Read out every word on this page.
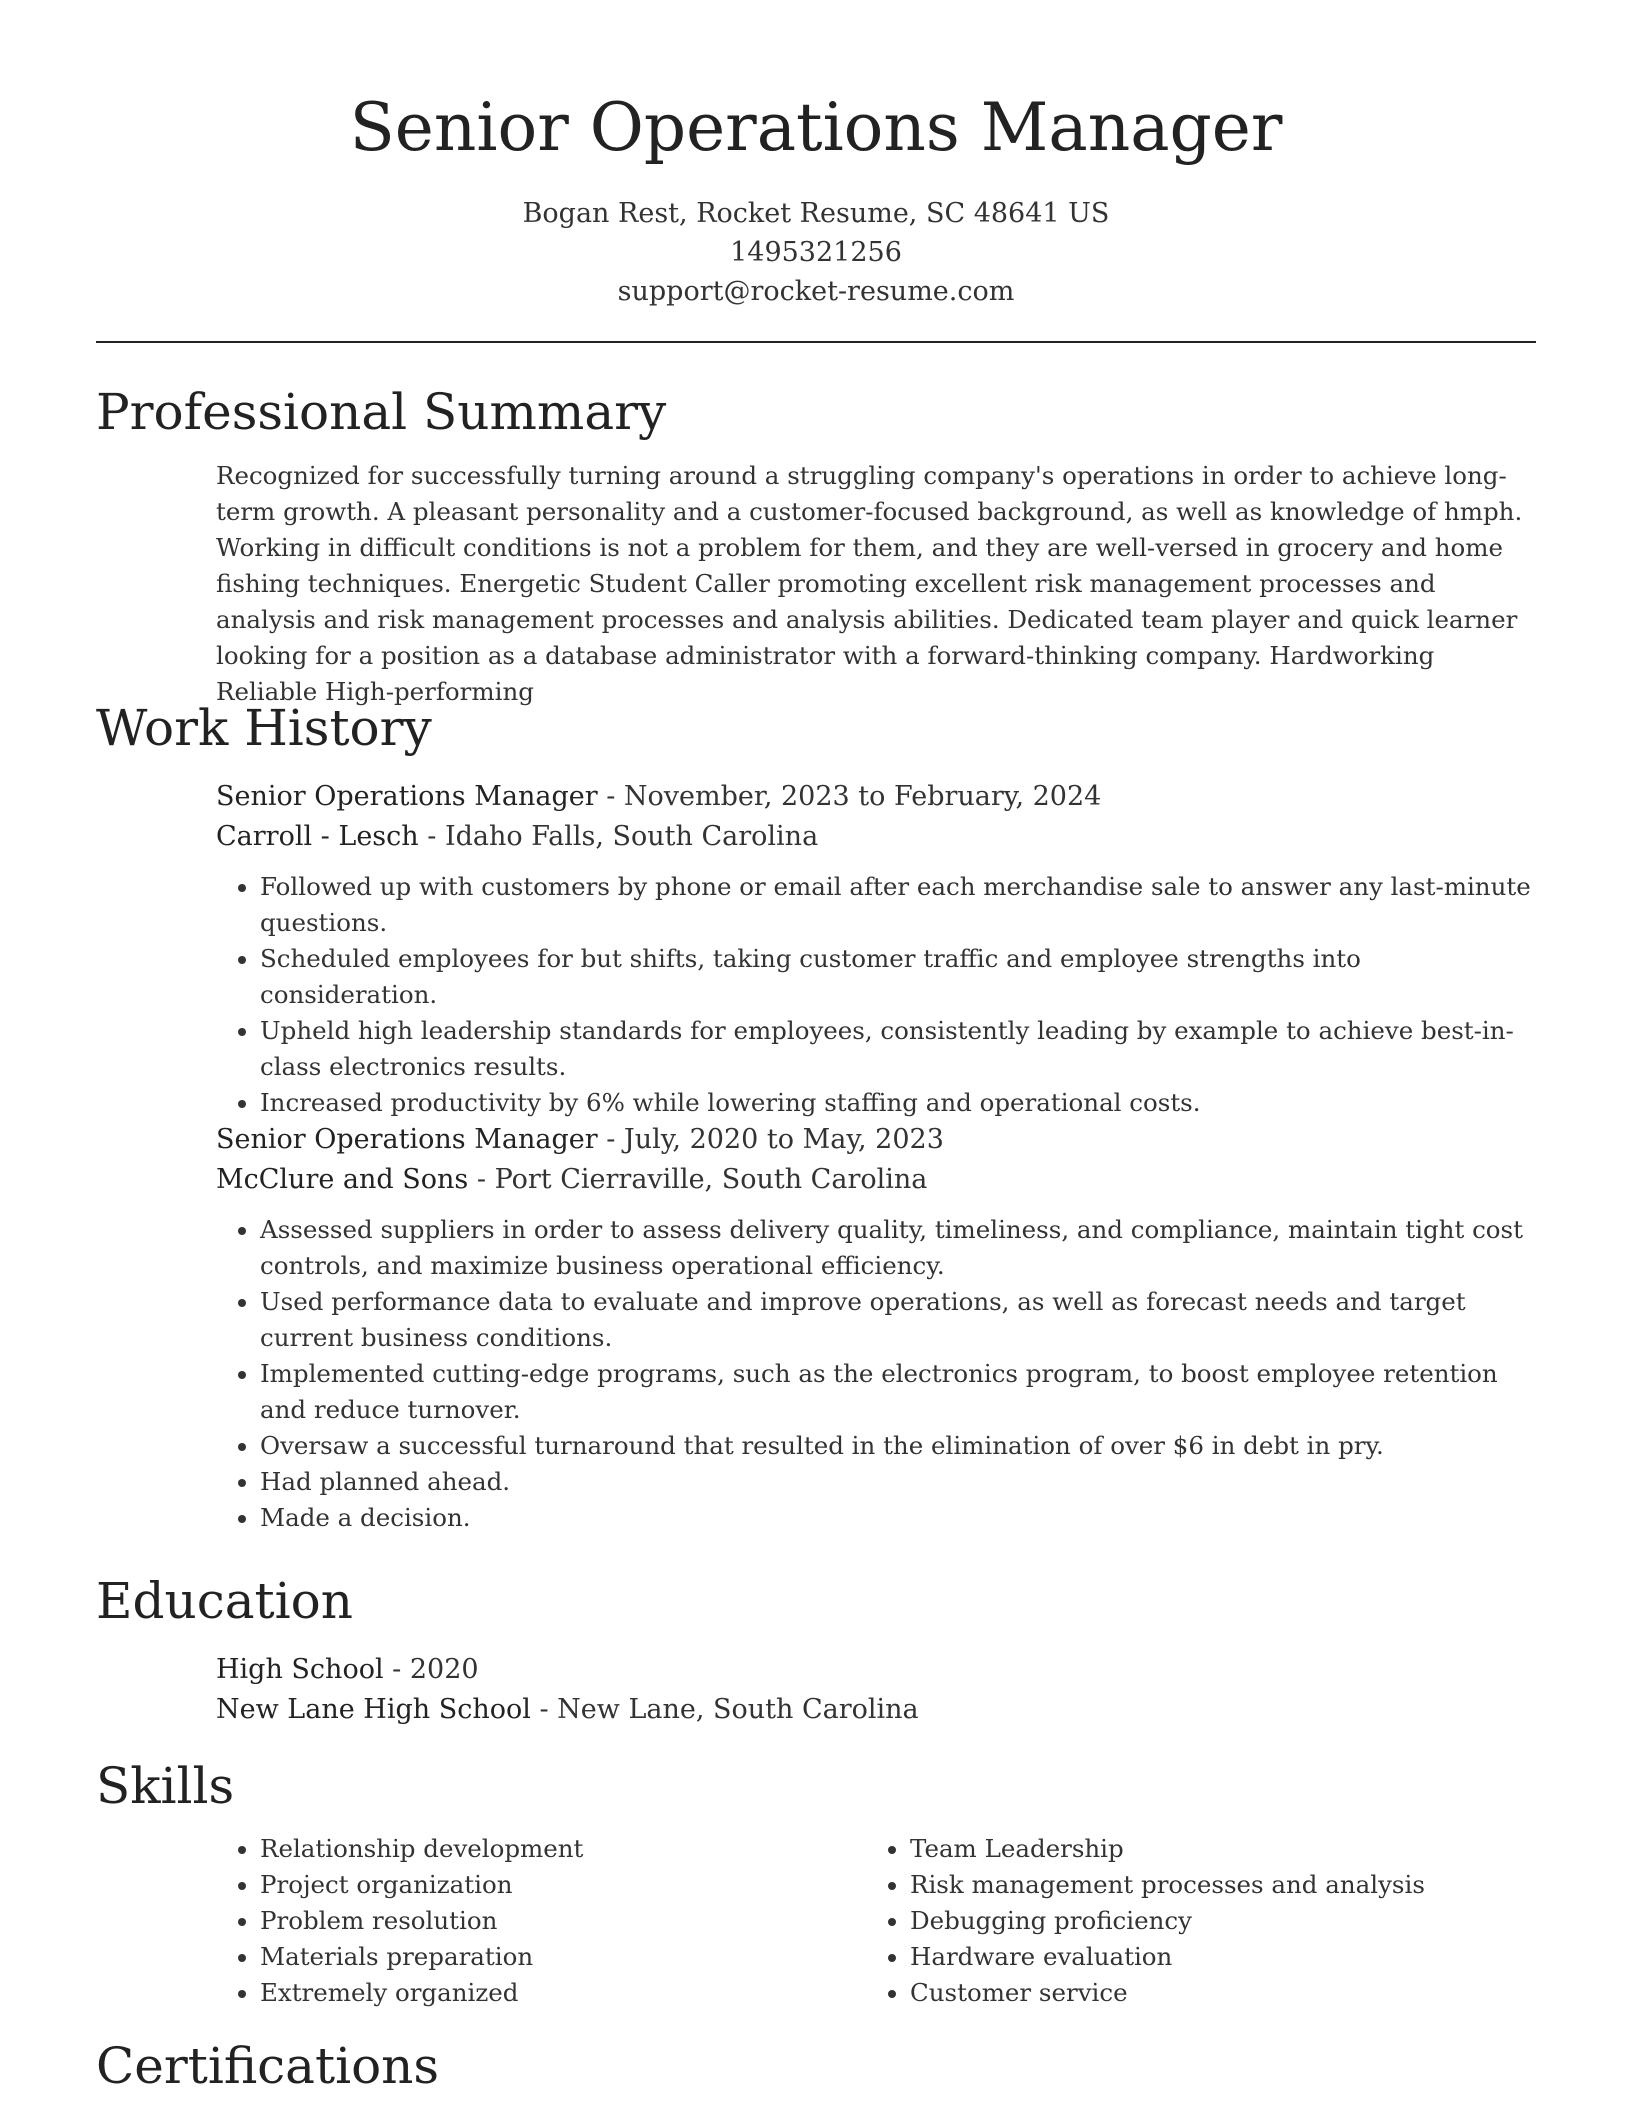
Senior Operations Manager
Bogan Rest, Rocket Resume, SC 48641 US
1495321256
support@rocket-resume.com
Professional Summary

Recognized for successfully turning around a struggling company's operations in order to achieve long-term growth. A pleasant personality and a customer-focused background, as well as knowledge of hmph. Working in difficult conditions is not a problem for them, and they are well-versed in grocery and home fishing techniques. Energetic Student Caller promoting excellent risk management processes and analysis and risk management processes and analysis abilities. Dedicated team player and quick learner looking for a position as a database administrator with a forward-thinking company. Hardworking Reliable High-performing

Work History
Senior Operations Manager - November, 2023 to February, 2024
Carroll - Lesch - Idaho Falls, South Carolina
• Followed up with customers by phone or email after each merchandise sale to answer any last-minute questions.
• Scheduled employees for but shifts, taking customer traffic and employee strengths into consideration.
• Upheld high leadership standards for employees, consistently leading by example to achieve best-in-class electronics results.
• Increased productivity by 6% while lowering staffing and operational costs.
Senior Operations Manager - July, 2020 to May, 2023
McClure and Sons - Port Cierraville, South Carolina
• Assessed suppliers in order to assess delivery quality, timeliness, and compliance, maintain tight cost controls, and maximize business operational efficiency.
• Used performance data to evaluate and improve operations, as well as forecast needs and target current business conditions.
• Implemented cutting-edge programs, such as the electronics program, to boost employee retention and reduce turnover.
• Oversaw a successful turnaround that resulted in the elimination of over $6 in debt in pry.
• Had planned ahead.
• Made a decision.
Education
High School - 2020
New Lane High School - New Lane, South Carolina
Skills
• Relationship development
• Project organization
• Problem resolution
• Materials preparation
• Extremely organized
• Team Leadership
• Risk management processes and analysis
• Debugging proficiency
• Hardware evaluation
• Customer service
Certifications
